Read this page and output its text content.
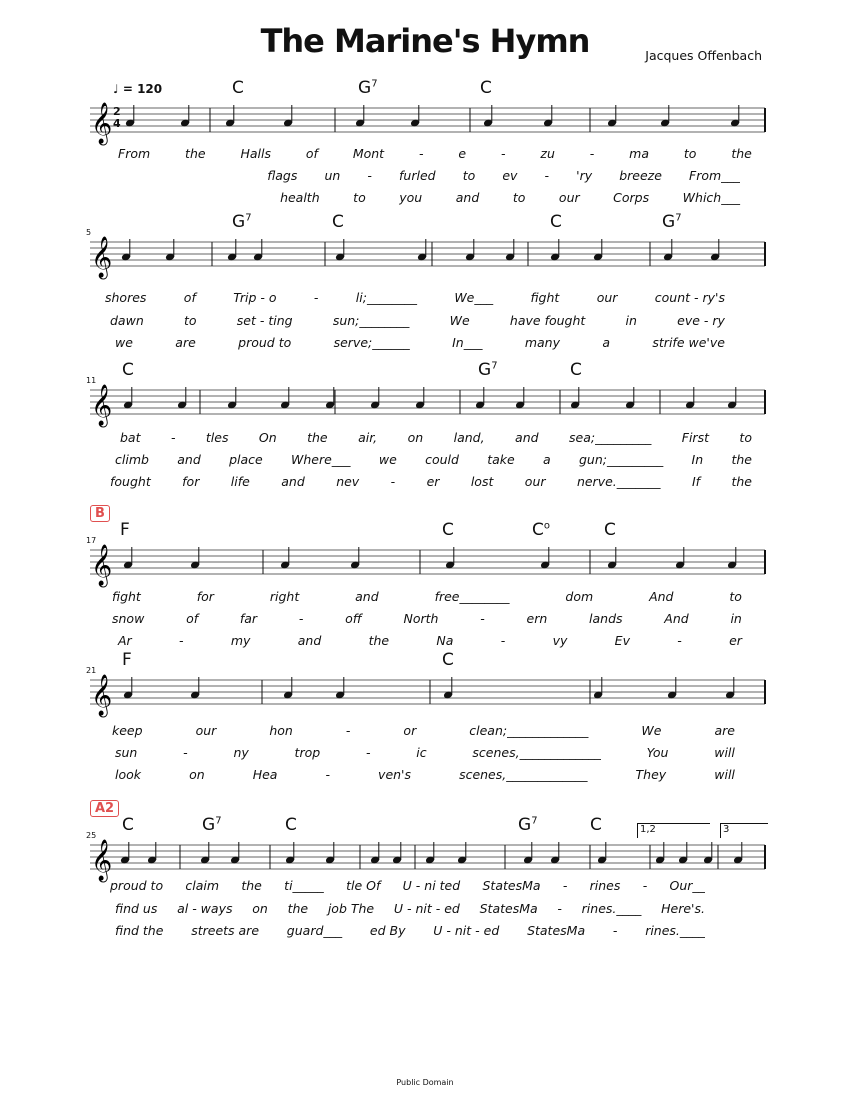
The Marine's Hymn	Jacques Offenbach
♩ = 120
𝄞 2
4
C	$G^7$	C
From	the	Halls	of	Mont	-	e	-	zu	-	ma	to	the
flags un - furled to ev - 'ry breeze From___
health	to	you	and	to	our	Corps	Which___
𝄞
5
$G^7$	C	C	$G^7$
shores	of	Trip - o	-	li;________	We___	fight	our	count - ry's
dawn	to	set - ting	sun;________	We	have fought	in	eve - ry
we	are	proud to	serve;______	In___	many	a	strife we've
𝄞
11
C	$G^7$	C
bat - tles On the air, on land, and sea;_________ First to
climb and place Where___ we could take a gun;_________ In the
fought	for	life	and	nev	-	er	lost	our	nerve._______	If	the
𝄞
17
B
F	C	$C^o$	C
fight	for	right	and	free________	dom	And	to
snow	of	far	-	off	North	-	ern	lands	And	in
Ar	-	my	and	the	Na	-	vy	Ev	-	er
𝄞
21
F	C
keep	our	hon	-	or	clean;_____________	We	are
sun	-	ny	trop	-	ic	scenes,_____________	You	will
look	on	Hea	-	ven's	scenes,_____________	They	will
𝄞
25
A2
C	$G^7$	C	$G^7$	C	1,2	3
proud to claim the ti_____ tle Of U - ni ted StatesMa - rines - Our__
find us al - ways on the job The U - nit - ed StatesMa - rines.____ Here's.
find the streets are guard___ ed By U - nit - ed StatesMa - rines.____
Public Domain
